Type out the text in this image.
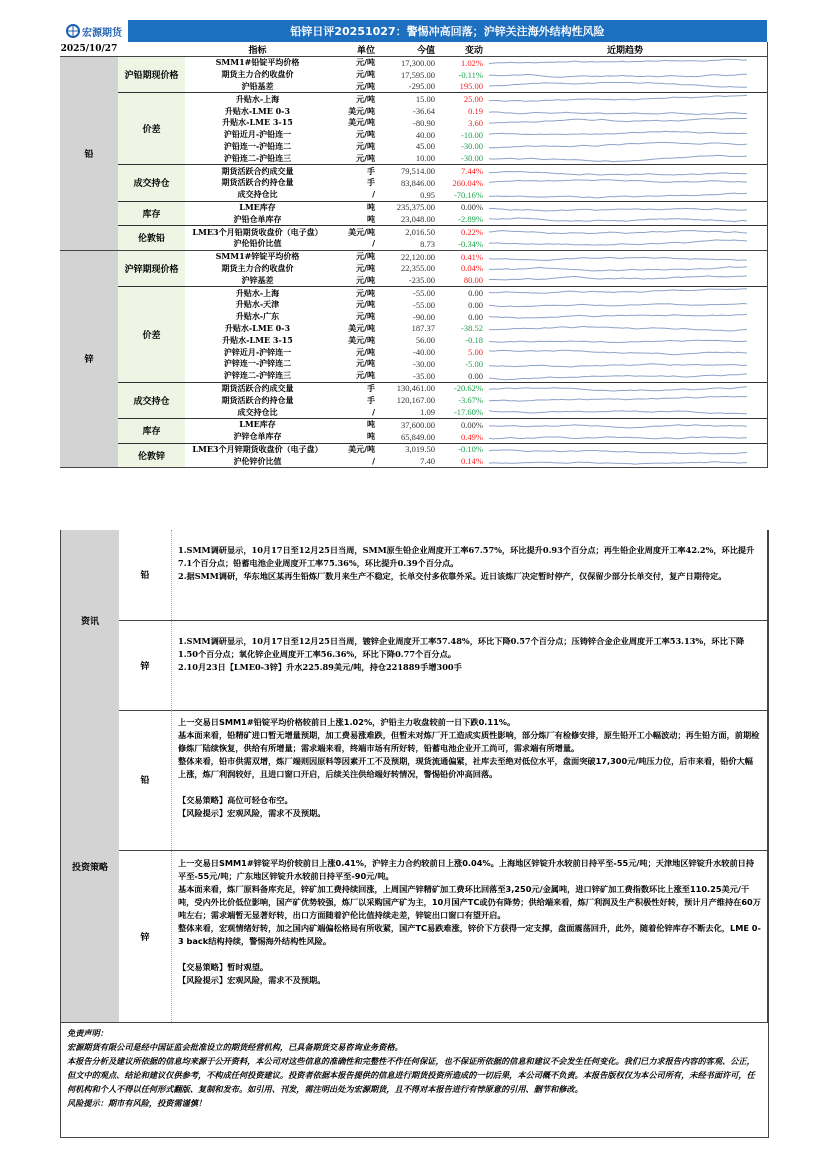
宏源期货	铅锌日评20251027：警惕冲高回落；沪锌关注海外结构性风险
2025/10/27	指标	单位	今值	变动	近期趋势
铅
沪铅期现价格
SMM1#铅锭平均价格	元/吨	17,300.00	1.02%
期货主力合约收盘价	元/吨	17,595.00	-0.11%
沪铅基差	元/吨	-295.00	195.00
价差
升贴水-上海	元/吨	15.00	25.00
升贴水-LME 0-3	美元/吨	-36.64	0.19
升贴水-LME 3-15	美元/吨	-80.90	3.60
沪铅近月-沪铅连一	元/吨	40.00	-10.00
沪铅连一-沪铅连二	元/吨	45.00	-30.00
沪铅连二-沪铅连三	元/吨	10.00	-30.00
成交持仓
期货活跃合约成交量	手	79,514.00	7.44%
期货活跃合约持仓量	手	83,846.00	260.04%
成交持仓比	/	0.95	-70.16%
库存
LME库存	吨	235,375.00	0.00%
沪铅仓单库存	吨	23,048.00	-2.89%
伦敦铅
LME3个月铅期货收盘价（电子盘）	美元/吨	2,016.50	0.22%
沪伦铅价比值	/	8.73	-0.34%
锌
沪锌期现价格
SMM1#锌锭平均价格	元/吨	22,120.00	0.41%
期货主力合约收盘价	元/吨	22,355.00	0.04%
沪锌基差	元/吨	-235.00	80.00
价差
升贴水-上海	元/吨	-55.00	0.00
升贴水-天津	元/吨	-55.00	0.00
升贴水-广东	元/吨	-90.00	0.00
升贴水-LME 0-3	美元/吨	187.37	-38.52
升贴水-LME 3-15	美元/吨	56.00	-0.18
沪锌近月-沪锌连一	元/吨	-40.00	5.00
沪锌连一-沪锌连二	元/吨	-30.00	-5.00
沪锌连二-沪锌连三	元/吨	-35.00	0.00
成交持仓
期货活跃合约成交量	手	130,461.00	-20.62%
期货活跃合约持仓量	手	120,167.00	-3.67%
成交持仓比	/	1.09	-17.60%
库存
LME库存	吨	37,600.00	0.00%
沪锌仓单库存	吨	65,849.00	0.49%
伦敦锌
LME3个月锌期货收盘价（电子盘）	美元/吨	3,019.50	-0.10%
沪伦锌价比值	/	7.40	0.14%
资讯
铅

1.SMM调研显示，10月17日至12月25日当周，SMM原生铅企业周度开工率67.57%，环比提升0.93个百分点；再生铅企业周度开工率42.2%，环比提升7.1个百分点；铅蓄电池企业周度开工率75.36%，环比提升0.39个百分点。

2.据SMM调研，华东地区某再生铅炼厂数月来生产不稳定，长单交付多依靠外采。近日该炼厂决定暂时停产，仅保留少部分长单交付，复产日期待定。

锌

1.SMM调研显示，10月17日至12月25日当周，镀锌企业周度开工率57.48%，环比下降0.57个百分点；压铸锌合金企业周度开工率53.13%，环比下降1.50个百分点；氧化锌企业周度开工率56.36%，环比下降0.77个百分点。

2.10月23日【LME0-3锌】升水225.89美元/吨，持仓221889手增300手

投资策略
铅

上一交易日SMM1#铅锭平均价格较前日上涨1.02%，沪铅主力收盘较前一日下跌0.11%。

基本面来看，铅精矿进口暂无增量预期，加工费易涨难跌，但暂未对炼厂开工造成实质性影响，部分炼厂有检修安排，原生铅开工小幅波动；再生铅方面，前期检修炼厂陆续恢复，供给有所增量；需求端来看，终端市场有所好转，铅蓄电池企业开工尚可，需求端有所增量。

整体来看，铅市供需双增，炼厂端则因原料等因素开工不及预期，现货流通偏紧，社库去至绝对低位水平，盘面突破17,300元/吨压力位，后市来看，铅价大幅上涨，炼厂利润较好，且进口窗口开启，后续关注供给端好转情况，警惕铅价冲高回落。

【交易策略】高位可轻仓布空。

【风险提示】宏观风险，需求不及预期。

锌

上一交易日SMM1#锌锭平均价较前日上涨0.41%，沪锌主力合约较前日上涨0.04%。上海地区锌锭升水较前日持平至-55元/吨；天津地区锌锭升水较前日持平至-55元/吨；广东地区锌锭升水较前日持平至-90元/吨。

基本面来看，炼厂原料备库充足，锌矿加工费持续回涨，上周国产锌精矿加工费环比回落至3,250元/金属吨，进口锌矿加工费指数环比上涨至110.25美元/干吨，受内外比价低位影响，国产矿优势较强，炼厂以采购国产矿为主，10月国产TC或仍有降势；供给端来看，炼厂利润及生产积极性好转，预计月产维持在60万吨左右；需求端暂无显著好转，出口方面随着沪伦比值持续走差，锌锭出口窗口有望开启。

整体来看，宏观情绪好转，加之国内矿端偏松格局有所收紧，国产TC易跌难涨，锌价下方获得一定支撑，盘面震荡回升，此外，随着伦锌库存不断去化，LME 0-3 back结构持续，警惕海外结构性风险。

【交易策略】暂时观望。

【风险提示】宏观风险，需求不及预期。

免责声明：

宏源期货有限公司是经中国证监会批准设立的期货经营机构，已具备期货交易咨询业务资格。

本报告分析及建议所依据的信息均来源于公开资料，本公司对这些信息的准确性和完整性不作任何保证，也不保证所依据的信息和建议不会发生任何变化。我们已力求报告内容的客观、公正，但文中的观点、结论和建议仅供参考，不构成任何投资建议。投资者依据本报告提供的信息进行期货投资所造成的一切后果，本公司概不负责。本报告版权仅为本公司所有，未经书面许可，任何机构和个人不得以任何形式翻版、复制和发布。如引用、刊发，需注明出处为宏源期货，且不得对本报告进行有悖原意的引用、删节和修改。

风险提示：期市有风险，投资需谨慎！
